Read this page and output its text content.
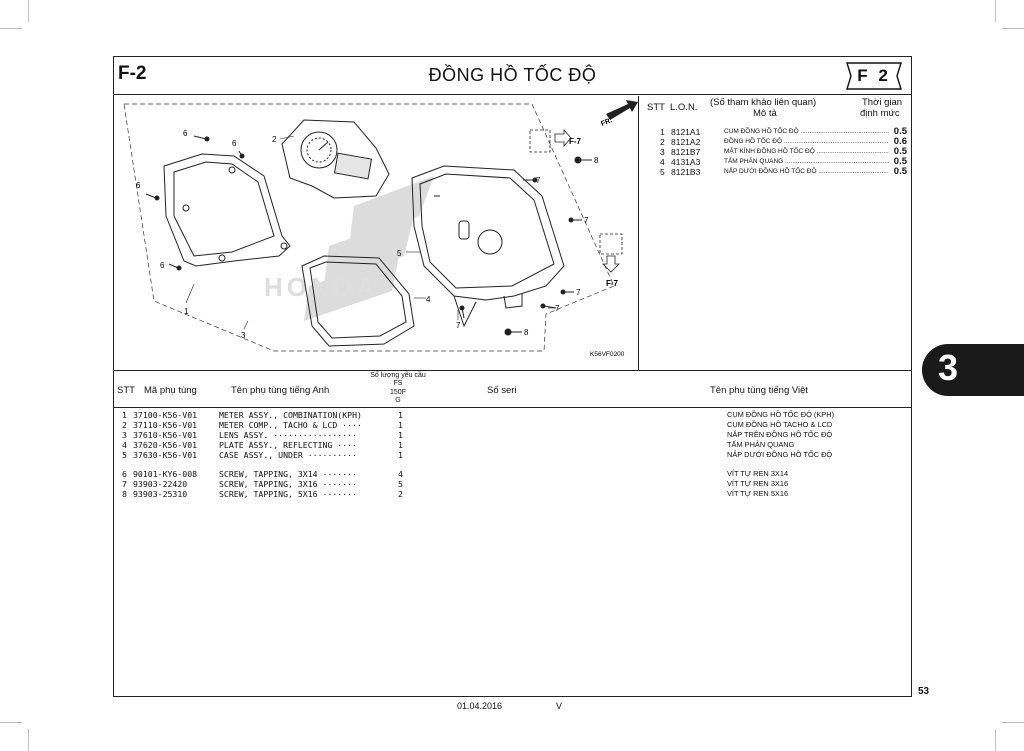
F-2	ĐỒNG HỒ TỐC ĐỘ	F 2
HONDA
F-7
F-7
FR.
1
2
3
4
5
6
6
6
6
7
7
7
7
7
8
8
K56VF0200
STT L.O.N. (Số tham khảo liên quan)
Mô tả
Thời gian
định mức
1 8121A1	CỤM ĐỒNG HỒ TỐC ĐỘ .....	0.5
2 8121A2	ĐỒNG HỒ TỐC ĐỘ .....	0.6
3 8121B7	MẶT KÍNH ĐỒNG HỒ TỐC ĐỘ .....	0.5
4 4131A3	TẤM PHẢN QUANG .....	0.5
5 8121B3	NẮP DƯỚI ĐỒNG HỒ TỐC ĐỘ .....	0.5
STT Mã phụ tùng	Tên phụ tùng tiếng Anh
Số lượng yêu cầu
FS
150F
G
Số seri	Tên phụ tùng tiếng Việt
1 37100-K56-V01	METER ASSY., COMBINATION(KPH)	1	CỤM ĐỒNG HỒ TỐC ĐỘ (KPH)
2 37110-K56-V01	METER COMP., TACHO & LCD ····	1	CỤM ĐỒNG HỒ TACHO & LCD
3 37610-K56-V01	LENS ASSY. ·················	1	NẮP TRÊN ĐỒNG HỒ TỐC ĐỘ
4 37620-K56-V01	PLATE ASSY., REFLECTING ····	1	TẤM PHẢN QUANG
5 37630-K56-V01	CASE ASSY., UNDER ··········	1	NẮP DƯỚI ĐỒNG HỒ TỐC ĐỘ
6 90101-KY6-008	SCREW, TAPPING, 3X14 ·······	4	VÍT TỰ REN 3X14
7 93903-22420	SCREW, TAPPING, 3X16 ·······	5	VÍT TỰ REN 3X16
8 93903-25310	SCREW, TAPPING, 5X16 ·······	2	VÍT TỰ REN 5X16
3
53
01.04.2016	V
